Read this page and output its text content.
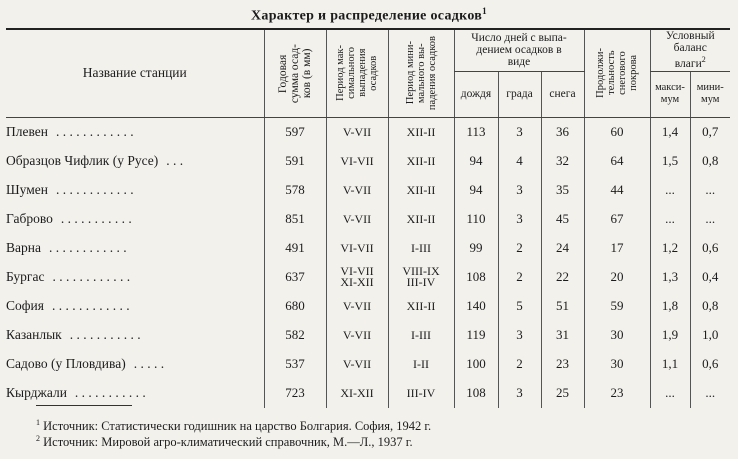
Характер и распределение осадков$^1$
Название станции	Годовая
сумма осад-
ков (в мм)	Период мак-
симального
выпадения
осадков	Период мини-
мального вы-
падения осадков	Число дней с выпа-
дением осадков в
виде			Продолжи-
тельность
снегового
покрова	Условный
баланс
влаги$^2$
				дождя	града	снега		макси-
мум	мини-
мум
Плевен . . . . . . . . . . . .	597	V-VII	XII-II	113	3	36	60	1,4	0,7
Образцов Чифлик (у Русе) . . .	591	VI-VII	XII-II	94	4	32	64	1,5	0,8
Шумен . . . . . . . . . . . .	578	V-VII	XII-II	94	3	35	44	...	...
Габрово . . . . . . . . . . .	851	V-VII	XII-II	110	3	45	67	...	...
Варна . . . . . . . . . . . .	491	VI-VII	I-III	99	2	24	17	1,2	0,6
Бургас . . . . . . . . . . . .	637	VI-VII
XI-XII	VIII-IX
III-IV	108	2	22	20	1,3	0,4
София . . . . . . . . . . . .	680	V-VII	XII-II	140	5	51	59	1,8	0,8
Казанлык . . . . . . . . . . .	582	V-VII	I-III	119	3	31	30	1,9	1,0
Садово (у Пловдива) . . . . .	537	V-VII	I-II	100	2	23	30	1,1	0,6
Кырджали . . . . . . . . . . .	723	XI-XII	III-IV	108	3	25	23	...	...
$^1$ Источник: Статистически годишник на царство Болгария. София, 1942 г.
$^2$ Источник: Мировой агро-климатический справочник, М.—Л., 1937 г.
